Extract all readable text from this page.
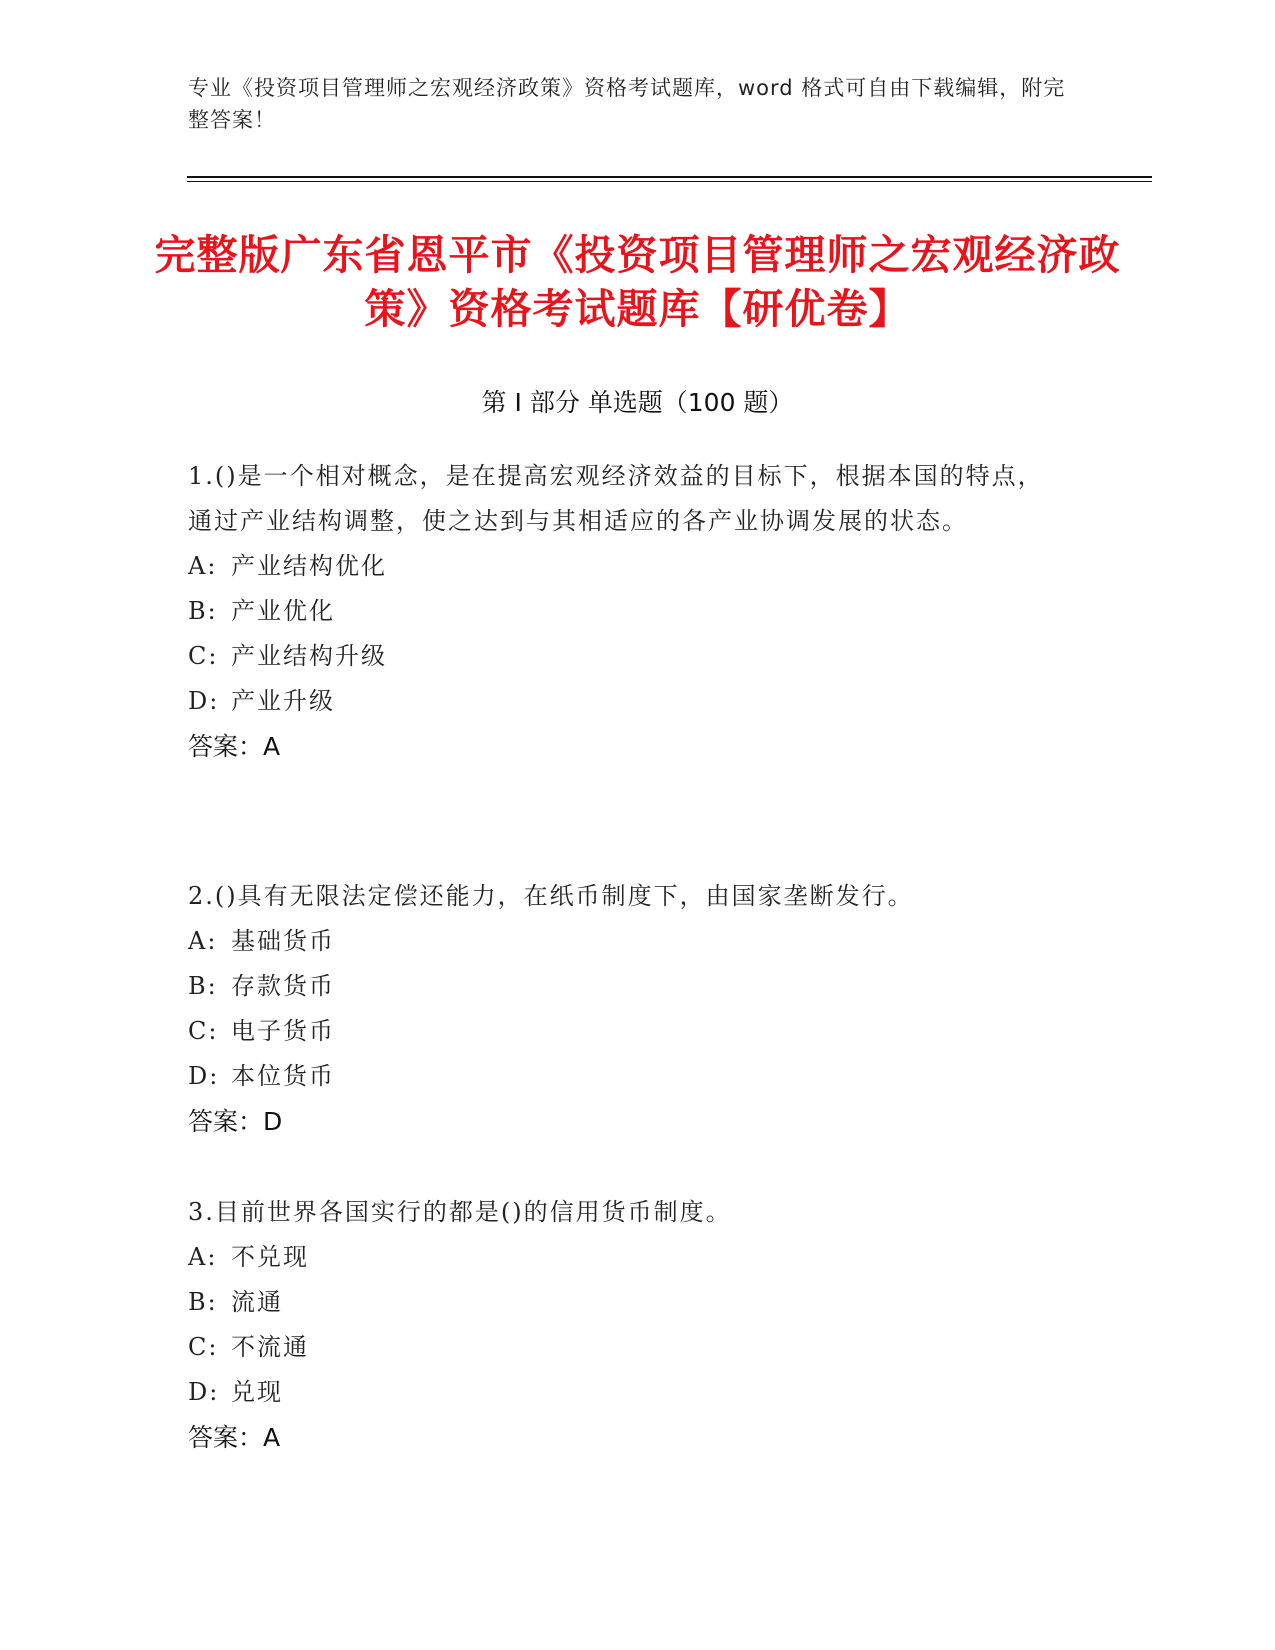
专业《投资项目管理师之宏观经济政策》资格考试题库，word 格式可自由下载编辑，附完整答案！
完整版广东省恩平市《投资项目管理师之宏观经济政策》资格考试题库【研优卷】
第 I 部分 单选题（100 题）
1.()是一个相对概念，是在提高宏观经济效益的目标下，根据本国的特点，通过产业结构调整，使之达到与其相适应的各产业协调发展的状态。
A: 产业结构优化
B: 产业优化
C: 产业结构升级
D: 产业升级
答案：A
2.()具有无限法定偿还能力，在纸币制度下，由国家垄断发行。
A: 基础货币
B: 存款货币
C: 电子货币
D: 本位货币
答案：D
3.目前世界各国实行的都是()的信用货币制度。
A: 不兑现
B: 流通
C: 不流通
D: 兑现
答案：A
